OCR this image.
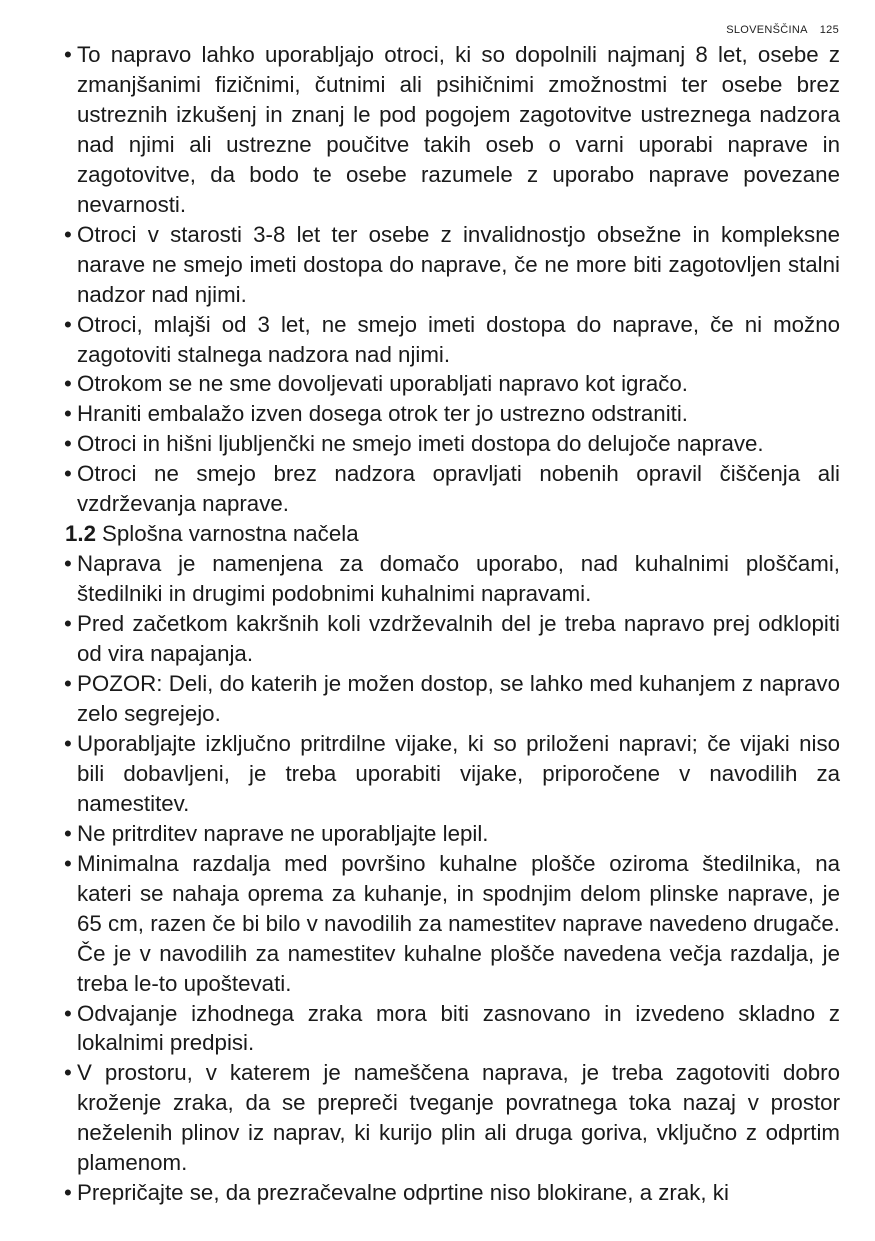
SLOVENŠČINA 125
• To napravo lahko uporabljajo otroci, ki so dopolnili najmanj 8 let, osebe z zmanjšanimi fizičnimi, čutnimi ali psihičnimi zmožnostmi ter osebe brez ustreznih izkušenj in znanj le pod pogojem zagotovitve ustreznega nadzora nad njimi ali ustrezne poučitve takih oseb o varni uporabi naprave in zagotovitve, da bodo te osebe razumele z uporabo naprave povezane nevarnosti.
• Otroci v starosti 3-8 let ter osebe z invalidnostjo obsežne in kompleksne narave ne smejo imeti dostopa do naprave, če ne more biti zagotovljen stalni nadzor nad njimi.
• Otroci, mlajši od 3 let, ne smejo imeti dostopa do naprave, če ni možno zagotoviti stalnega nadzora nad njimi.
• Otrokom se ne sme dovoljevati uporabljati napravo kot igračo.
• Hraniti embalažo izven dosega otrok ter jo ustrezno odstraniti.
• Otroci in hišni ljubljenčki ne smejo imeti dostopa do delujoče naprave.
• Otroci ne smejo brez nadzora opravljati nobenih opravil čiščenja ali vzdrževanja naprave.
1.2 Splošna varnostna načela
• Naprava je namenjena za domačo uporabo, nad kuhalnimi ploščami, štedilniki in drugimi podobnimi kuhalnimi napravami.
• Pred začetkom kakršnih koli vzdrževalnih del je treba napravo prej odklopiti od vira napajanja.
• POZOR: Deli, do katerih je možen dostop, se lahko med kuhanjem z napravo zelo segrejejo.
• Uporabljajte izključno pritrdilne vijake, ki so priloženi napravi; če vijaki niso bili dobavljeni, je treba uporabiti vijake, priporočene v navodilih za namestitev.
• Ne pritrditev naprave ne uporabljajte lepil.
• Minimalna razdalja med površino kuhalne plošče oziroma štedilnika, na kateri se nahaja oprema za kuhanje, in spodnjim delom plinske naprave, je 65 cm, razen če bi bilo v navodilih za namestitev naprave navedeno drugače. Če je v navodilih za namestitev kuhalne plošče navedena večja razdalja, je treba le-to upoštevati.
• Odvajanje izhodnega zraka mora biti zasnovano in izvedeno skladno z lokalnimi predpisi.
• V prostoru, v katerem je nameščena naprava, je treba zagotoviti dobro kroženje zraka, da se prepreči tveganje povratnega toka nazaj v prostor neželenih plinov iz naprav, ki kurijo plin ali druga goriva, vključno z odprtim plamenom.
• Prepričajte se, da prezračevalne odprtine niso blokirane, a zrak, ki
